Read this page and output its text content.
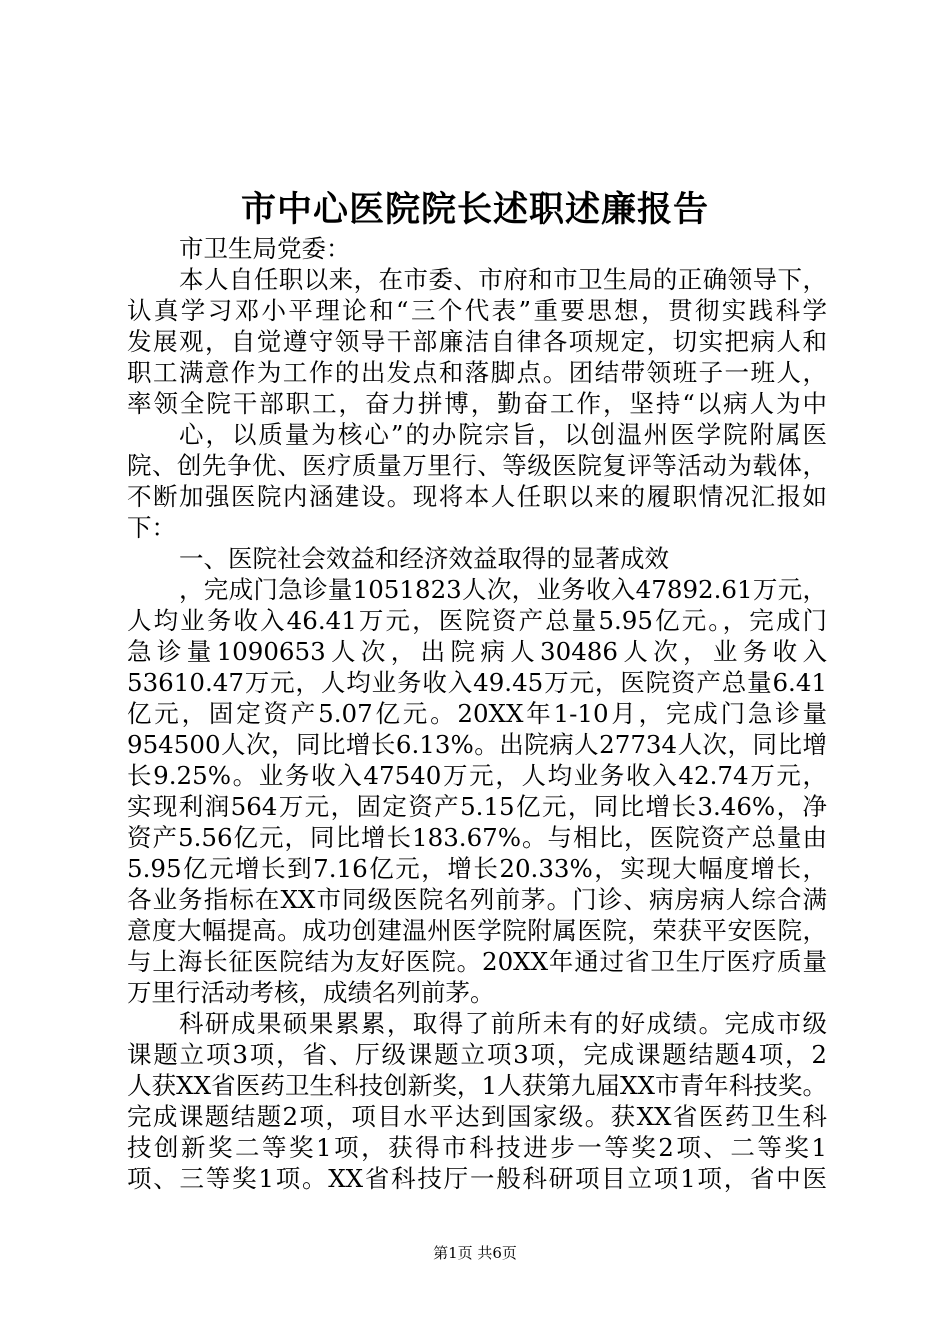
市中心医院院长述职述廉报告
市卫生局党委：
本人自任职以来，在市委、市府和市卫生局的正确领导下，
认真学习邓小平理论和“三个代表”重要思想，贯彻实践科学
发展观，自觉遵守领导干部廉洁自律各项规定，切实把病人和
职工满意作为工作的出发点和落脚点。团结带领班子一班人，
率领全院干部职工，奋力拼博，勤奋工作，坚持“以病人为中
心，以质量为核心”的办院宗旨，以创温州医学院附属医
院、创先争优、医疗质量万里行、等级医院复评等活动为载体，
不断加强医院内涵建设。现将本人任职以来的履职情况汇报如
下：
一、医院社会效益和经济效益取得的显著成效
，完成门急诊量1051823人次，业务收入47892.61万元，
人均业务收入46.41万元，医院资产总量5.95亿元。，完成门
急诊量1090653人次，出院病人30486人次，业务收入
53610.47万元，人均业务收入49.45万元，医院资产总量6.41
亿元，固定资产5.07亿元。20XX年1-10月，完成门急诊量
954500人次，同比增长6.13%。出院病人27734人次，同比增
长9.25%。业务收入47540万元，人均业务收入42.74万元，
实现利润564万元，固定资产5.15亿元，同比增长3.46%，净
资产5.56亿元，同比增长183.67%。与相比，医院资产总量由
5.95亿元增长到7.16亿元，增长20.33%，实现大幅度增长，
各业务指标在XX市同级医院名列前茅。门诊、病房病人综合满
意度大幅提高。成功创建温州医学院附属医院，荣获平安医院，
与上海长征医院结为友好医院。20XX年通过省卫生厅医疗质量
万里行活动考核，成绩名列前茅。
科研成果硕果累累，取得了前所未有的好成绩。完成市级
课题立项3项，省、厅级课题立项3项，完成课题结题4项，2
人获XX省医药卫生科技创新奖，1人获第九届XX市青年科技奖。
完成课题结题2项，项目水平达到国家级。获XX省医药卫生科
技创新奖二等奖1项，获得市科技进步一等奖2项、二等奖1
项、三等奖1项。XX省科技厅一般科研项目立项1项，省中医
第1页 共6页
